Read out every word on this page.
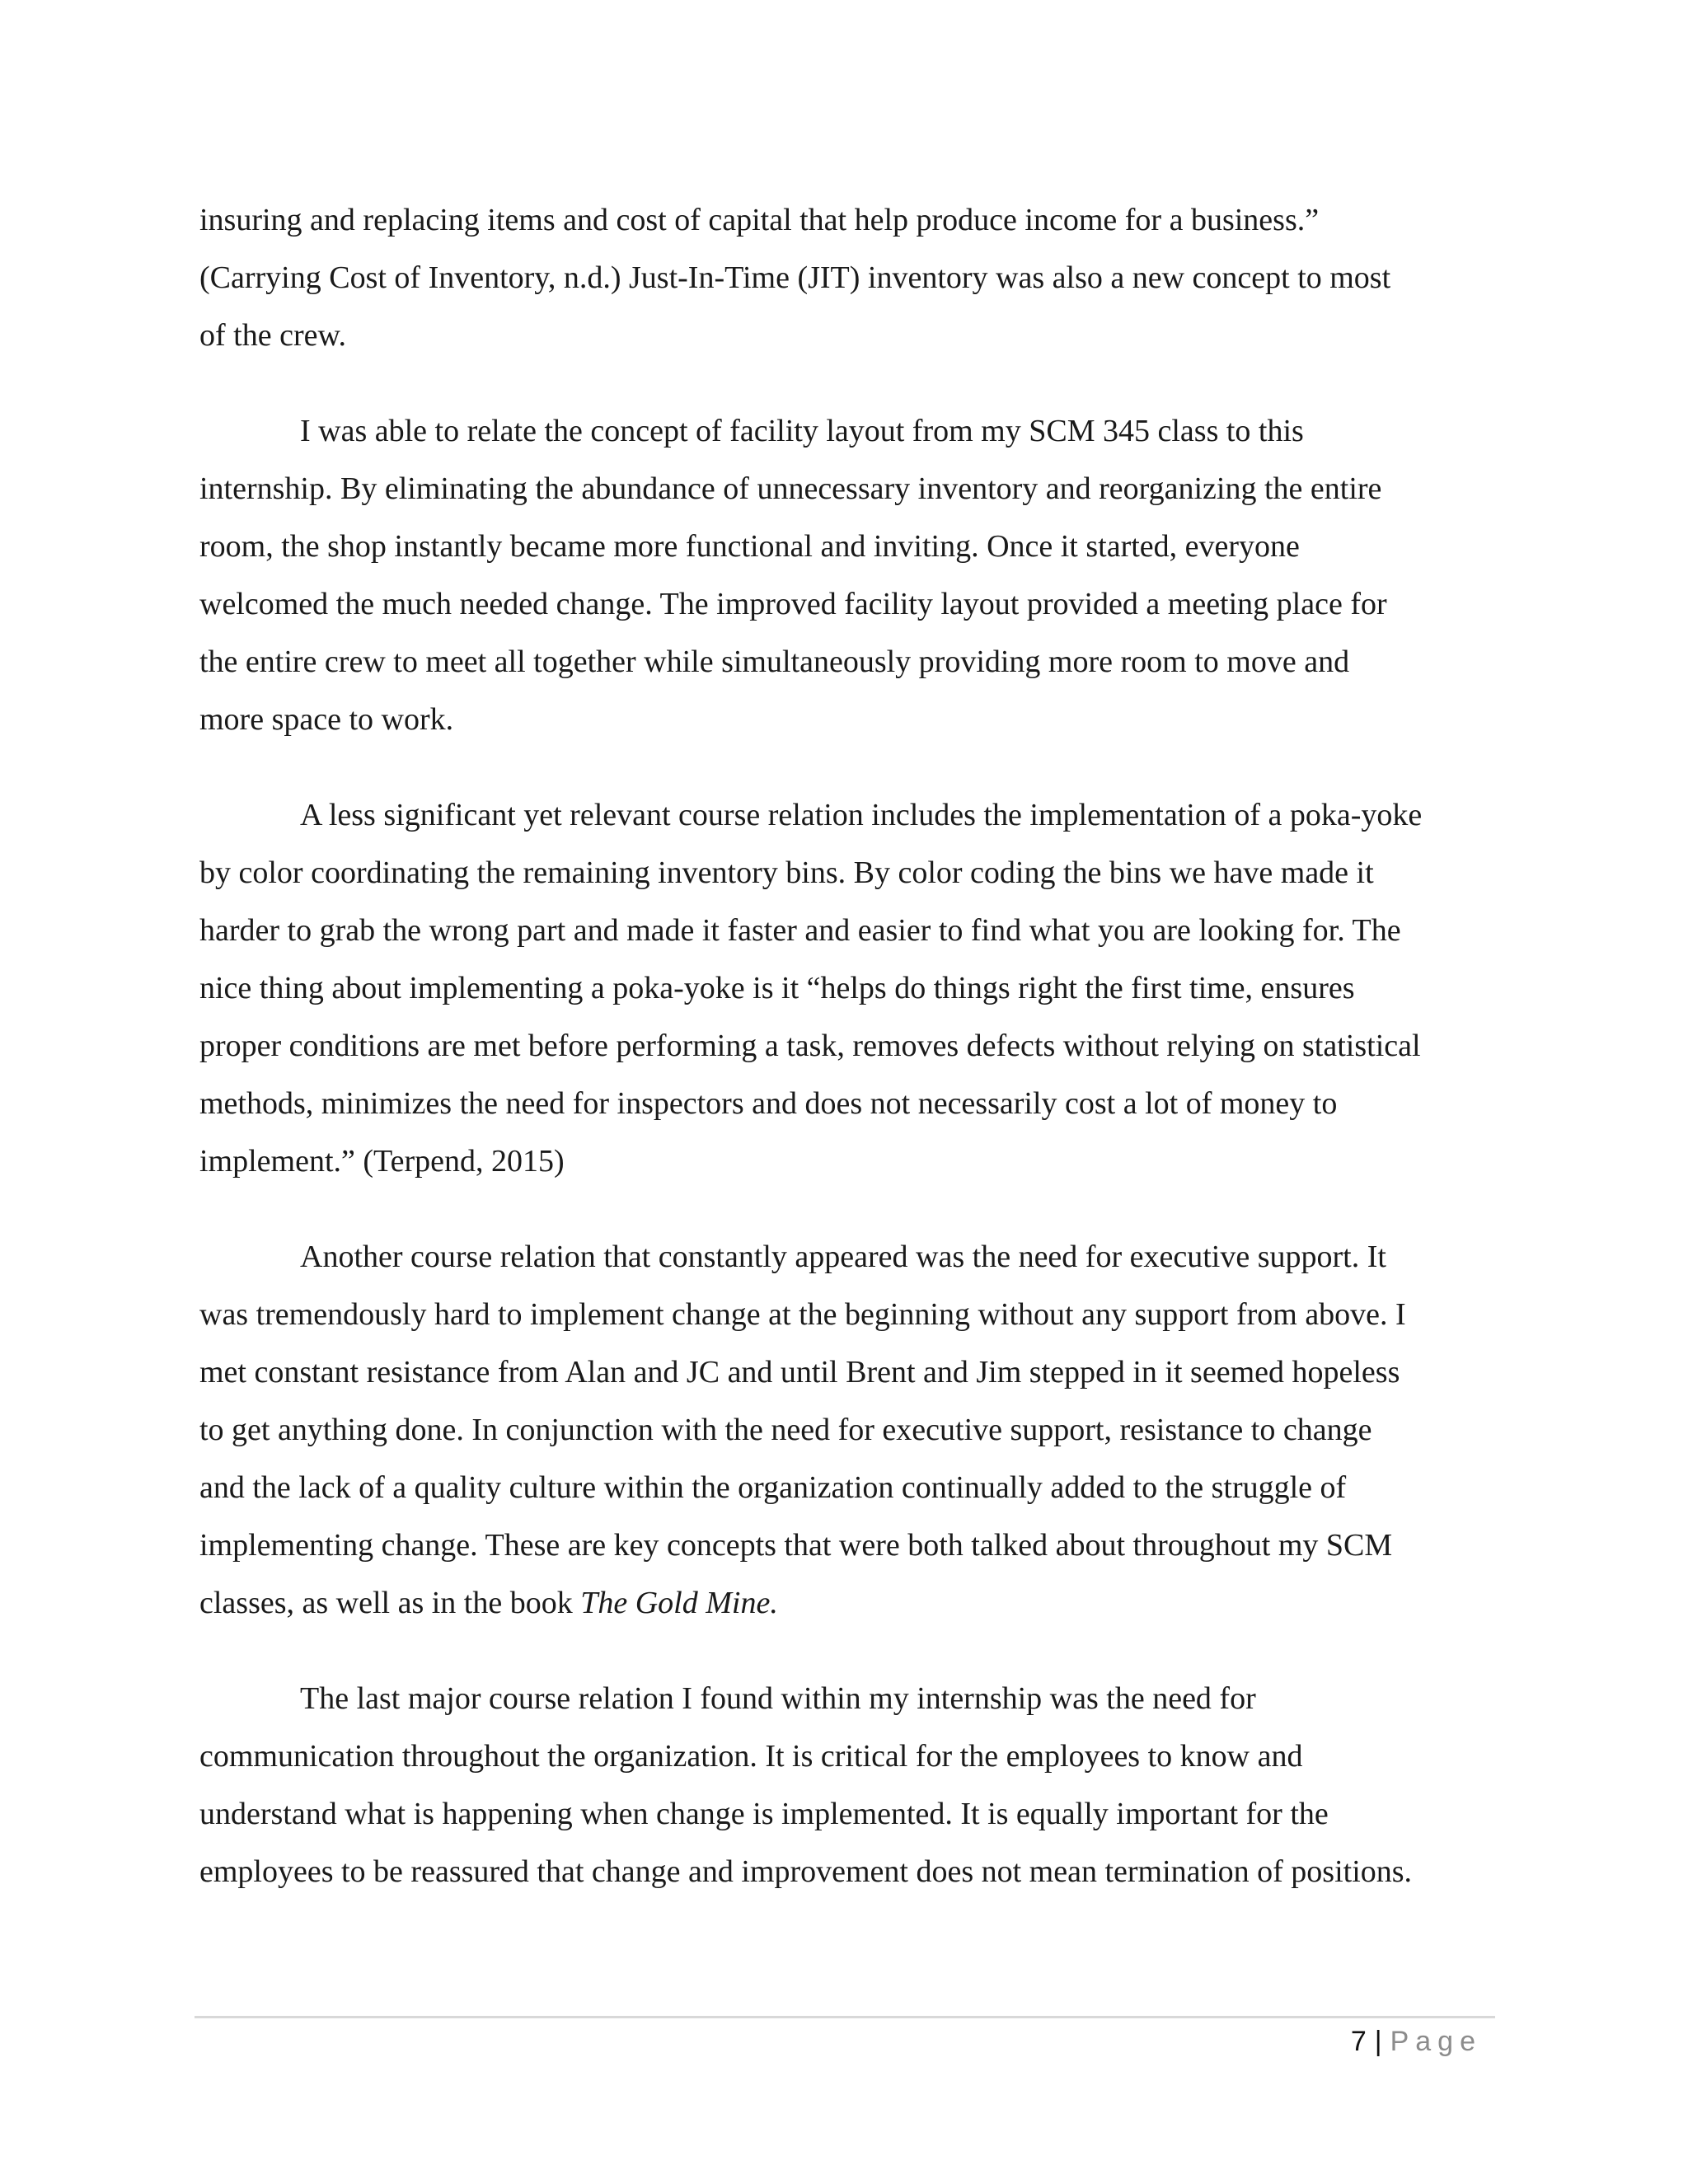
insuring and replacing items and cost of capital that help produce income for a business.”
(Carrying Cost of Inventory, n.d.) Just-In-Time (JIT) inventory was also a new concept to most
of the crew.

I was able to relate the concept of facility layout from my SCM 345 class to this
internship. By eliminating the abundance of unnecessary inventory and reorganizing the entire
room, the shop instantly became more functional and inviting. Once it started, everyone
welcomed the much needed change. The improved facility layout provided a meeting place for
the entire crew to meet all together while simultaneously providing more room to move and
more space to work.

A less significant yet relevant course relation includes the implementation of a poka-yoke
by color coordinating the remaining inventory bins. By color coding the bins we have made it
harder to grab the wrong part and made it faster and easier to find what you are looking for. The
nice thing about implementing a poka-yoke is it “helps do things right the first time, ensures
proper conditions are met before performing a task, removes defects without relying on statistical
methods, minimizes the need for inspectors and does not necessarily cost a lot of money to
implement.” (Terpend, 2015)

Another course relation that constantly appeared was the need for executive support. It
was tremendously hard to implement change at the beginning without any support from above. I
met constant resistance from Alan and JC and until Brent and Jim stepped in it seemed hopeless
to get anything done. In conjunction with the need for executive support, resistance to change
and the lack of a quality culture within the organization continually added to the struggle of
implementing change. These are key concepts that were both talked about throughout my SCM
classes, as well as in the book The Gold Mine.

The last major course relation I found within my internship was the need for
communication throughout the organization. It is critical for the employees to know and
understand what is happening when change is implemented. It is equally important for the
employees to be reassured that change and improvement does not mean termination of positions.

7 | Page
